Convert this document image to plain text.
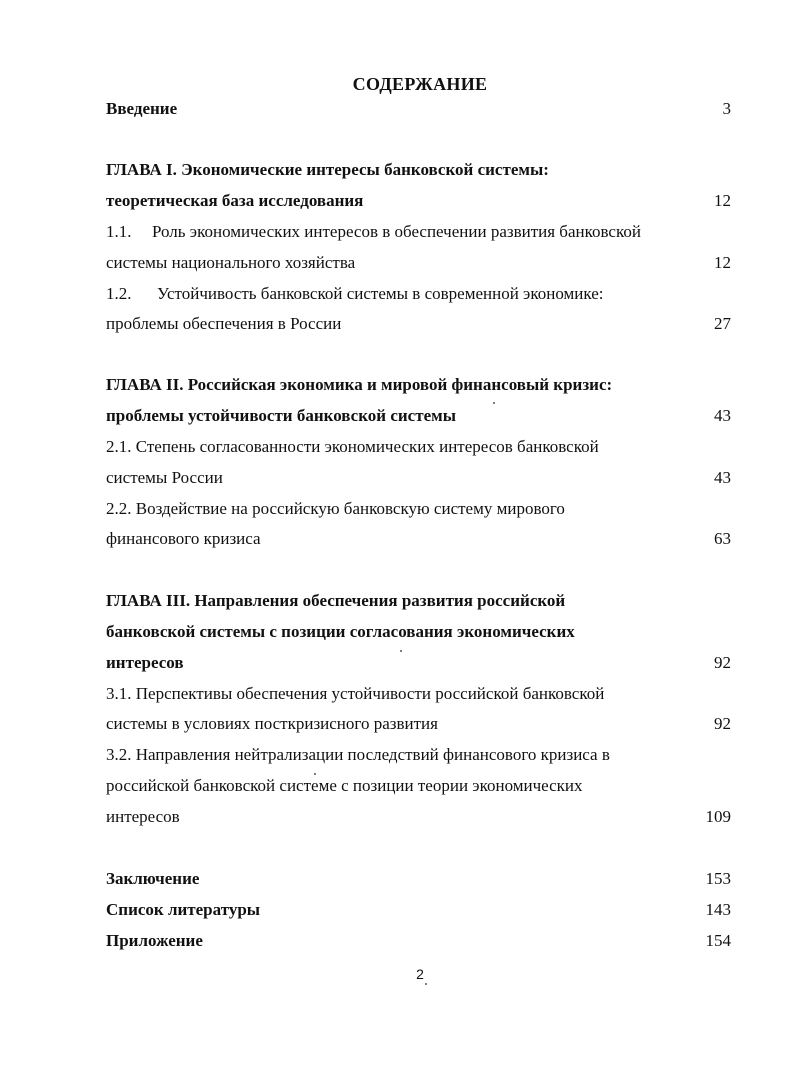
СОДЕРЖАНИЕ
Введение	3
ГЛАВА I. Экономические интересы банковской системы:
теоретическая база исследования	12
1.1. Роль экономических интересов в обеспечении развития банковской
системы национального хозяйства	12
1.2. Устойчивость банковской системы в современной экономике:
проблемы обеспечения в России	27
ГЛАВА II. Российская экономика и мировой финансовый кризис:
проблемы устойчивости банковской системы	43
2.1. Степень согласованности экономических интересов банковской
системы России	43
2.2. Воздействие на российскую банковскую систему мирового
финансового кризиса	63
ГЛАВА III. Направления обеспечения развития российской
банковской системы с позиции согласования экономических
интересов	92
3.1. Перспективы обеспечения устойчивости российской банковской
системы в условиях посткризисного развития	92
3.2. Направления нейтрализации последствий финансового кризиса в
российской банковской системе с позиции теории экономических
интересов	109
Заключение	153
Список литературы	143
Приложение	154
2
